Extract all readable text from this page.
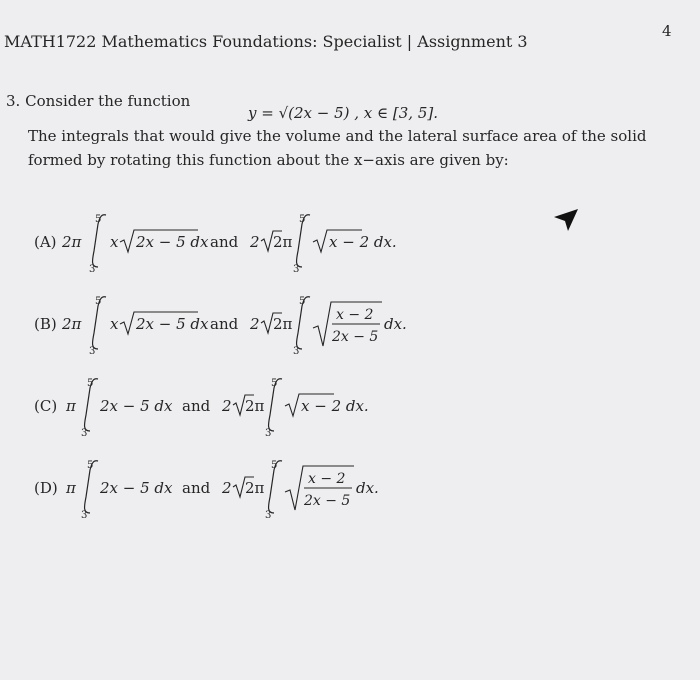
4
MATH1722 Mathematics Foundations: Specialist | Assignment 3
3. Consider the function
y = √(2x − 5) , x ∈ [3, 5].
The integrals that would give the volume and the lateral surface area of the solid formed by rotating this function about the x−axis are given by:
(A) 2π
5
3
x 2x − 5 dx and 2 2π
5
3
x − 2 dx.
(B) 2π
5
3
x 2x − 5 dx and 2 2π
5
3
x − 2
2x − 5
dx.
(C) π
5
3
2x − 5 dx and 2 2π
5
3
x − 2 dx.
(D) π
5
3
2x − 5 dx and 2 2π
5
3
x − 2
2x − 5
dx.
